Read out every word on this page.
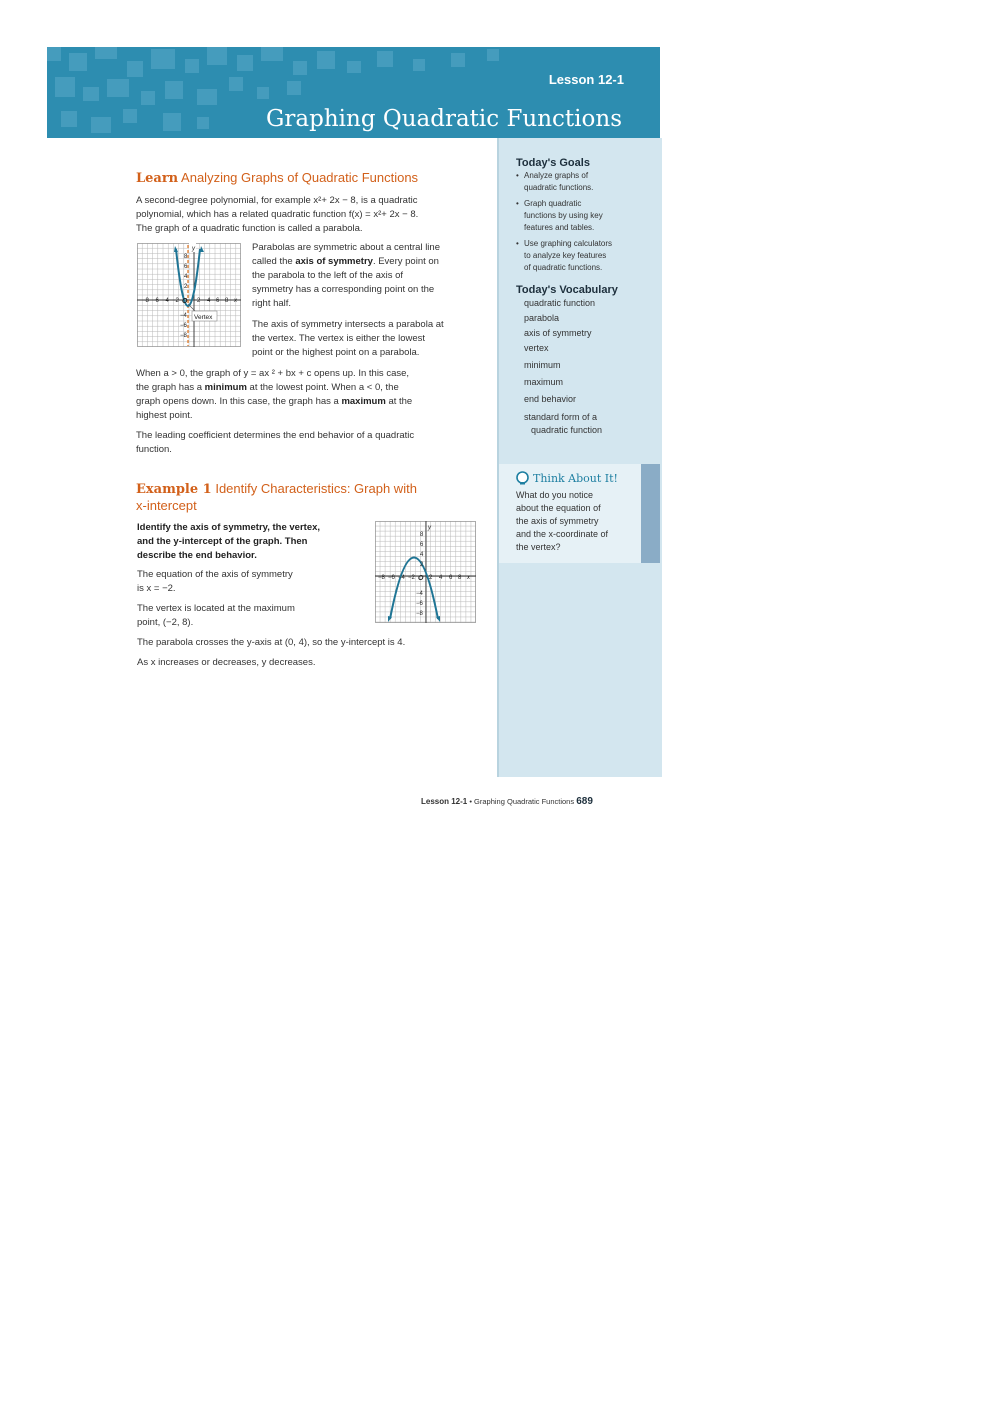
Lesson 12-1
Graphing Quadratic Functions
Today's Goals
• Analyze graphs of
quadratic functions.
• Graph quadratic
functions by using key
features and tables.
• Use graphing calculators
to analyze key features
of quadratic functions.
Today's Vocabulary
quadratic function
parabola
axis of symmetry
vertex
minimum
maximum
end behavior
standard form of a
quadratic function
Think About It!
What do you notice
about the equation of
the axis of symmetry
and the x-coordinate of
the vertex?
Learn Analyzing Graphs of Quadratic Functions
A second-degree polynomial, for example x²+ 2x − 8, is a quadratic
polynomial, which has a related quadratic function f(x) = x²+ 2x − 8.
The graph of a quadratic function is called a parabola.
y
8
6
4
2
−4
−6
−8
−8 −6 −4 −2 O 2 4 6 8 x
Vertex
Parabolas are symmetric about a central line
called the axis of symmetry. Every point on
the parabola to the left of the axis of
symmetry has a corresponding point on the
right half.
The axis of symmetry intersects a parabola at
the vertex. The vertex is either the lowest
point or the highest point on a parabola.
When a > 0, the graph of y = ax ² + bx + c opens up. In this case,
the graph has a minimum at the lowest point. When a < 0, the
graph opens down. In this case, the graph has a maximum at the
highest point.
The leading coefficient determines the end behavior of a quadratic
function.
Example 1 Identify Characteristics: Graph with
x-intercept
Identify the axis of symmetry, the vertex,
and the y-intercept of the graph. Then
describe the end behavior.
The equation of the axis of symmetry
is x = −2.
The vertex is located at the maximum
point, (−2, 8).
The parabola crosses the y-axis at (0, 4), so the y-intercept is 4.
As x increases or decreases, y decreases.
y
8
6
4
2
−4
−6
−8
−8 −6 −4 −2 O 2 4 6 8 x
Lesson 12-1 • Graphing Quadratic Functions 689
